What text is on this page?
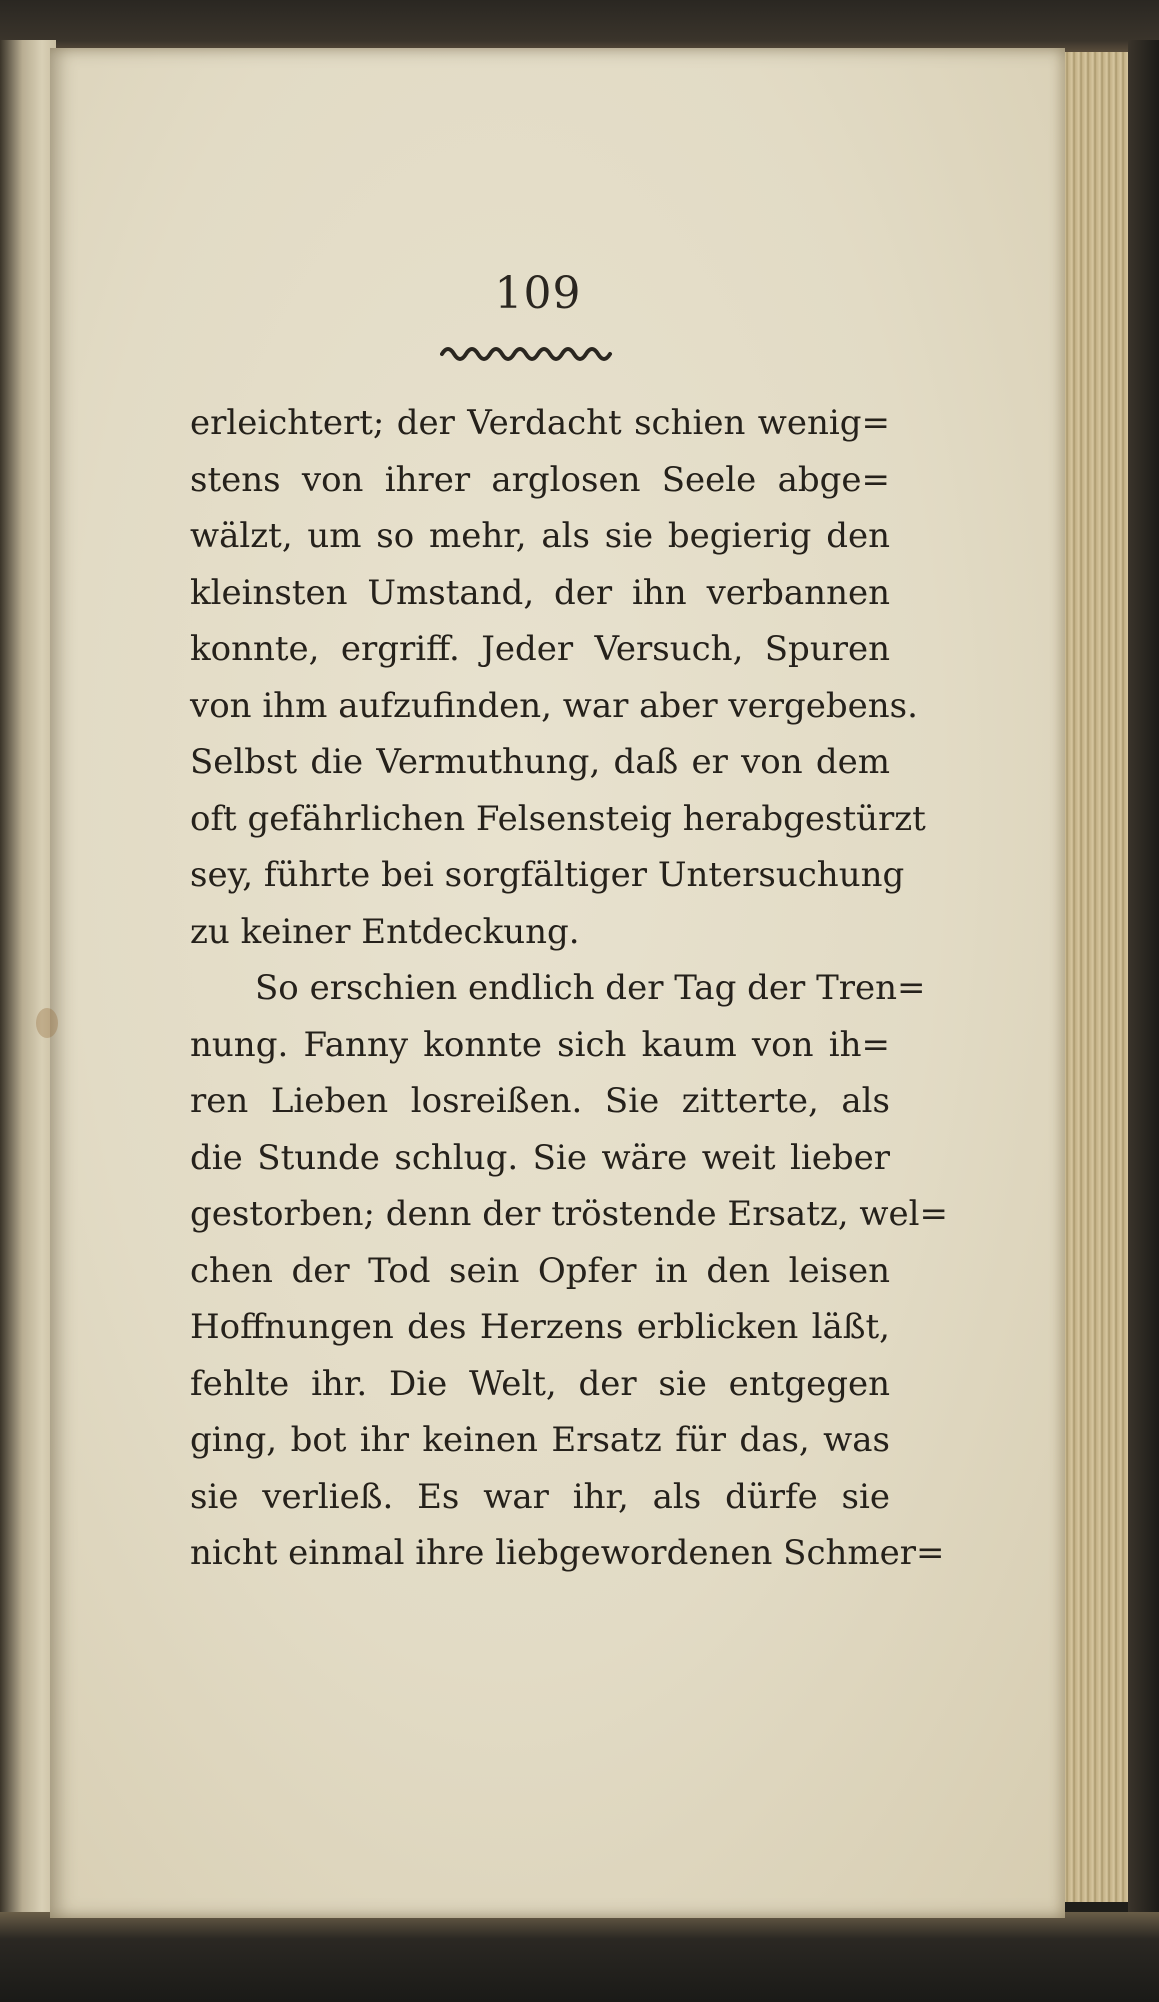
109
erleichtert; der Verdacht schien wenig=
stens von ihrer arglosen Seele abge=
wälzt, um so mehr, als sie begierig den
kleinsten Umstand, der ihn verbannen
konnte, ergriff. Jeder Versuch, Spuren
von ihm aufzufinden, war aber vergebens.
Selbst die Vermuthung, daß er von dem
oft gefährlichen Felsensteig herabgestürzt
sey, führte bei sorgfältiger Untersuchung
zu keiner Entdeckung.
So erschien endlich der Tag der Tren=
nung. Fanny konnte sich kaum von ih=
ren Lieben losreißen. Sie zitterte, als
die Stunde schlug. Sie wäre weit lieber
gestorben; denn der tröstende Ersatz, wel=
chen der Tod sein Opfer in den leisen
Hoffnungen des Herzens erblicken läßt,
fehlte ihr. Die Welt, der sie entgegen
ging, bot ihr keinen Ersatz für das, was
sie verließ. Es war ihr, als dürfe sie
nicht einmal ihre liebgewordenen Schmer=
